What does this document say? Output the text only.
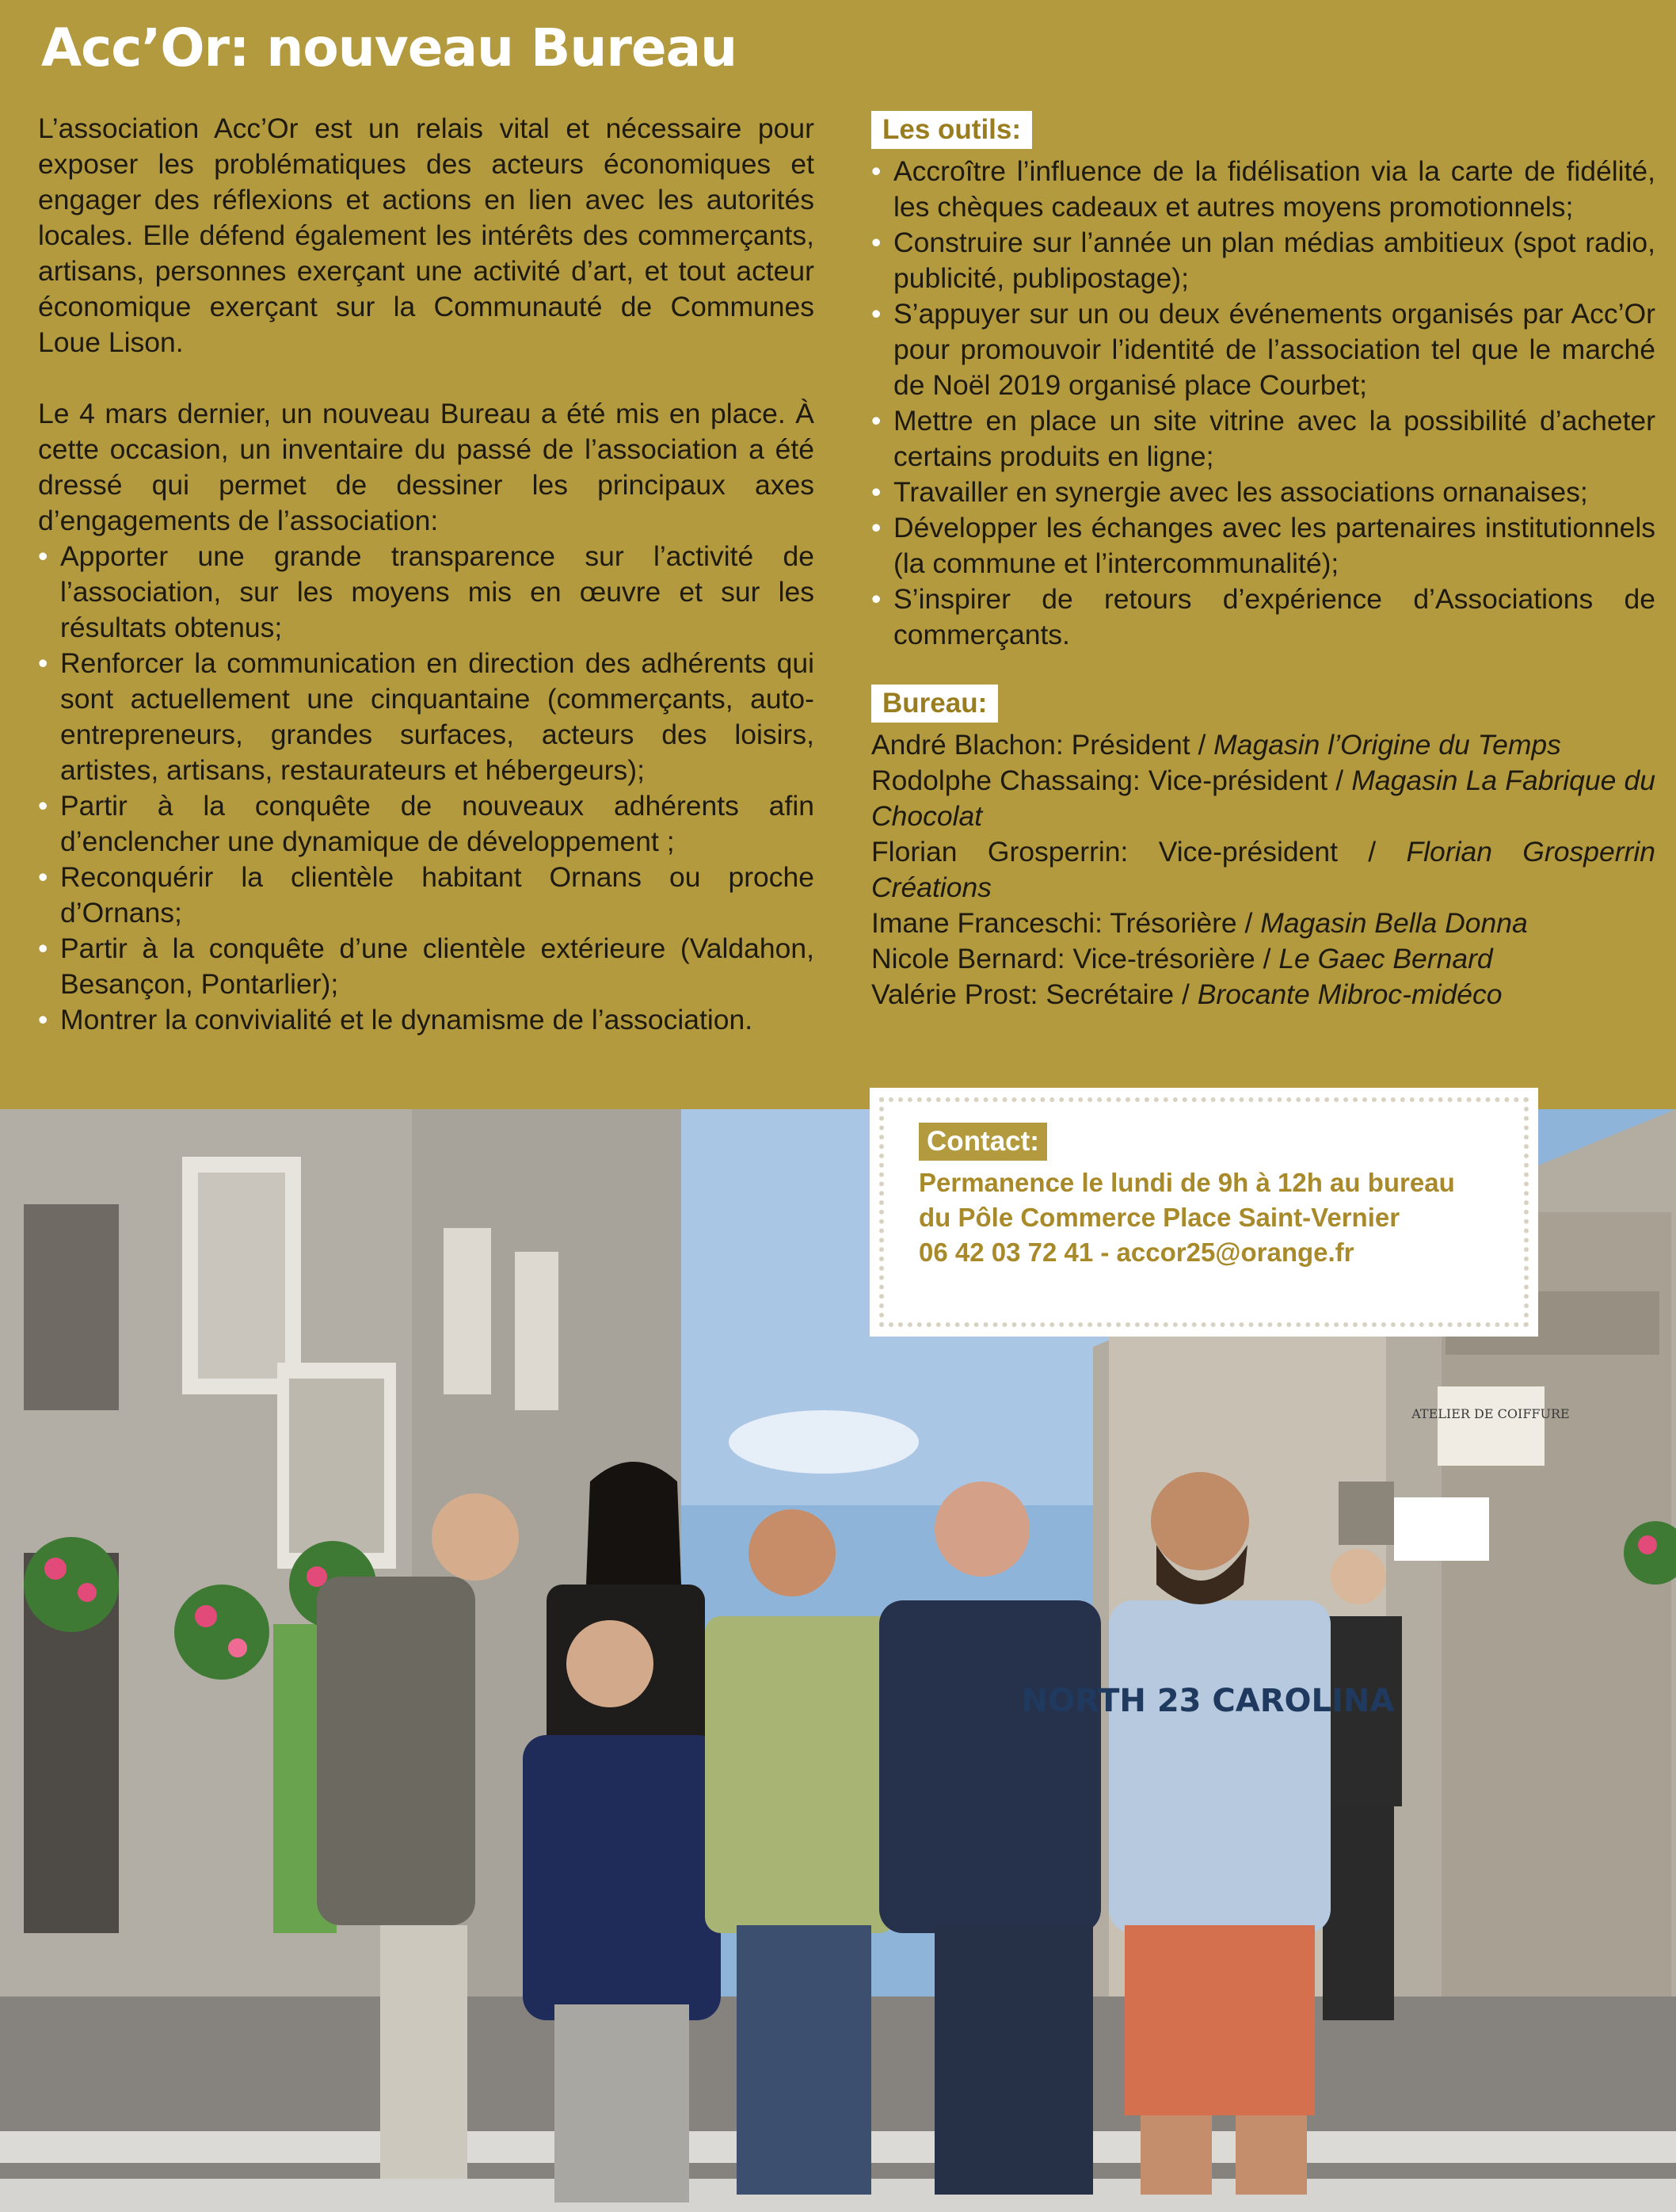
Acc’Or: nouveau Bureau

L’association Acc’Or est un relais vital et nécessaire pour exposer les problématiques des acteurs économiques et engager des réflexions et actions en lien avec les autorités locales. Elle défend également les intérêts des commerçants, artisans, personnes exerçant une activité d’art, et tout acteur économique exerçant sur la Communauté de Communes Loue Lison.

Le 4 mars dernier, un nouveau Bureau a été mis en place. À cette occasion, un inventaire du passé de l’association a été dressé qui permet de dessiner les principaux axes d’engagements de l’association:

• Apporter une grande transparence sur l’activité de l’association, sur les moyens mis en œuvre et sur les résultats obtenus;
• Renforcer la communication en direction des adhérents qui sont actuellement une cinquantaine (commerçants, auto-entrepreneurs, grandes surfaces, acteurs des loisirs, artistes, artisans, restaurateurs et hébergeurs);
• Partir à la conquête de nouveaux adhérents afin d’enclencher une dynamique de développement ;
• Reconquérir la clientèle habitant Ornans ou proche d’Ornans;
• Partir à la conquête d’une clientèle extérieure (Valdahon, Besançon, Pontarlier);
• Montrer la convivialité et le dynamisme de l’association.
Les outils:
• Accroître l’influence de la fidélisation via la carte de fidélité, les chèques cadeaux et autres moyens promotionnels;
• Construire sur l’année un plan médias ambitieux (spot radio, publicité, publipostage);
• S’appuyer sur un ou deux événements organisés par Acc’Or pour promouvoir l’identité de l’association tel que le marché de Noël 2019 organisé place Courbet;
• Mettre en place un site vitrine avec la possibilité d’acheter certains produits en ligne;
• Travailler en synergie avec les associations ornanaises;
• Développer les échanges avec les partenaires institutionnels (la commune et l’intercommunalité);
• S’inspirer de retours d’expérience d’Associations de commerçants.
Bureau:

André Blachon: Président / Magasin l’Origine du Temps

Rodolphe Chassaing: Vice-président / Magasin La Fabrique du Chocolat

Florian Grosperrin: Vice-président / Florian Grosperrin Créations

Imane Franceschi: Trésorière / Magasin Bella Donna

Nicole Bernard: Vice-trésorière / Le Gaec Bernard

Valérie Prost: Secrétaire / Brocante Mibroc-midéco

ATELIER DE COIFFURE
NORTH 23 CAROLINA
Contact:

Permanence le lundi de 9h à 12h au bureau

du Pôle Commerce Place Saint-Vernier

06 42 03 72 41 - accor25@orange.fr
